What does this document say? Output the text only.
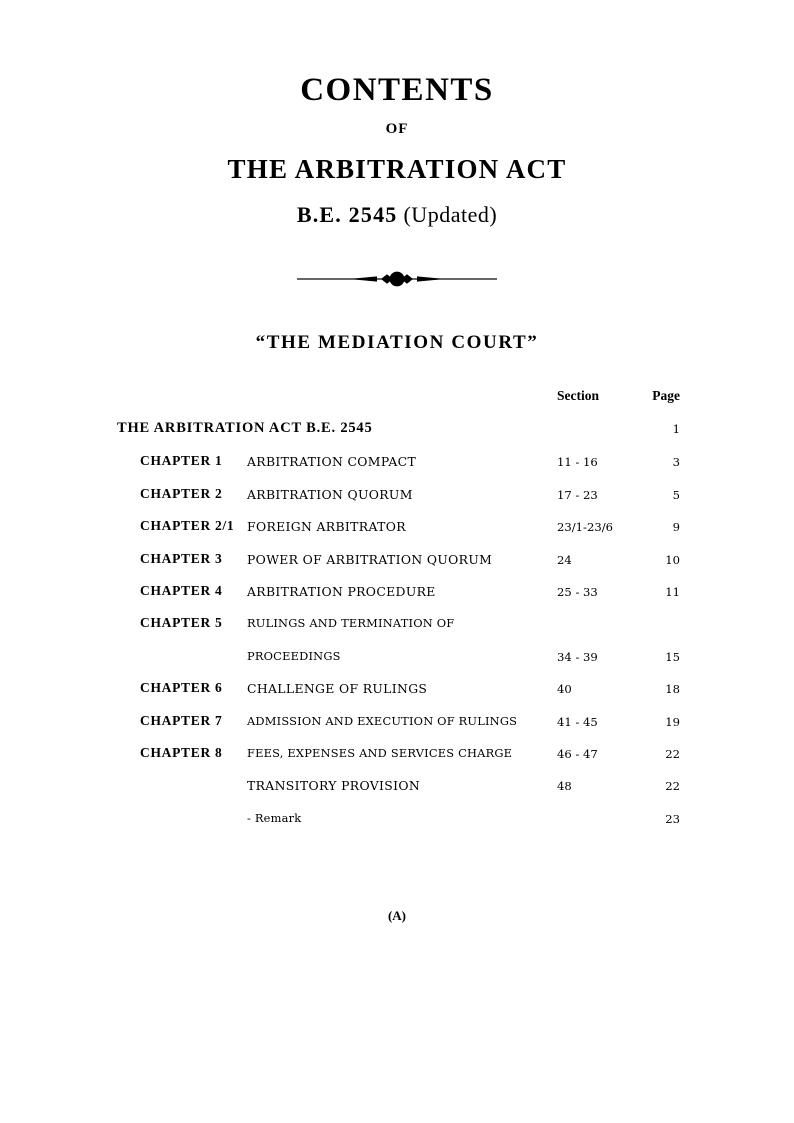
CONTENTS
OF
THE ARBITRATION ACT
B.E. 2545 (Updated)
“THE MEDIATION COURT”
Section	Page
THE ARBITRATION ACT B.E. 2545	1
CHAPTER 1 ARBITRATION COMPACT	11 - 16	3
CHAPTER 2 ARBITRATION QUORUM	17 - 23	5
CHAPTER 2/1 FOREIGN ARBITRATOR	23/1-23/6	9
CHAPTER 3 POWER OF ARBITRATION QUORUM	24	10
CHAPTER 4 ARBITRATION PROCEDURE	25 - 33	11
CHAPTER 5 RULINGS AND TERMINATION OF
PROCEEDINGS	34 - 39	15
CHAPTER 6 CHALLENGE OF RULINGS	40	18
CHAPTER 7 ADMISSION AND EXECUTION OF RULINGS	41 - 45	19
CHAPTER 8 FEES, EXPENSES AND SERVICES CHARGE	46 - 47	22
TRANSITORY PROVISION	48	22
- Remark	23
(A)
